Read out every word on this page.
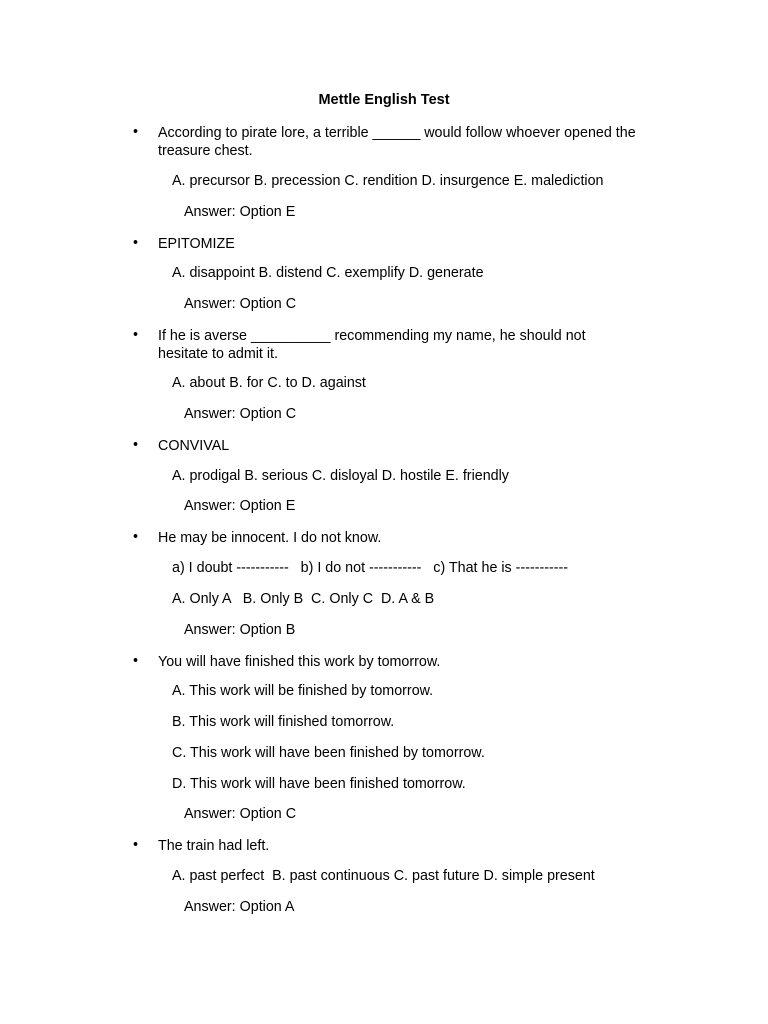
Mettle English Test
• According to pirate lore, a terrible ______ would follow whoever opened the treasure chest.
A. precursor B. precession C. rendition D. insurgence E. malediction
Answer: Option E
• EPITOMIZE
A. disappoint B. distend C. exemplify D. generate
Answer: Option C
• If he is averse __________ recommending my name, he should not hesitate to admit it.
A. about B. for C. to D. against
Answer: Option C
• CONVIVAL
A. prodigal B. serious C. disloyal D. hostile E. friendly
Answer: Option E
• He may be innocent. I do not know.
a) I doubt -----------   b) I do not -----------   c) That he is -----------
A. Only A   B. Only B  C. Only C  D. A & B
Answer: Option B
• You will have finished this work by tomorrow.
A. This work will be finished by tomorrow.
B. This work will finished tomorrow.
C. This work will have been finished by tomorrow.
D. This work will have been finished tomorrow.
Answer: Option C
• The train had left.
A. past perfect  B. past continuous C. past future D. simple present
Answer: Option A
